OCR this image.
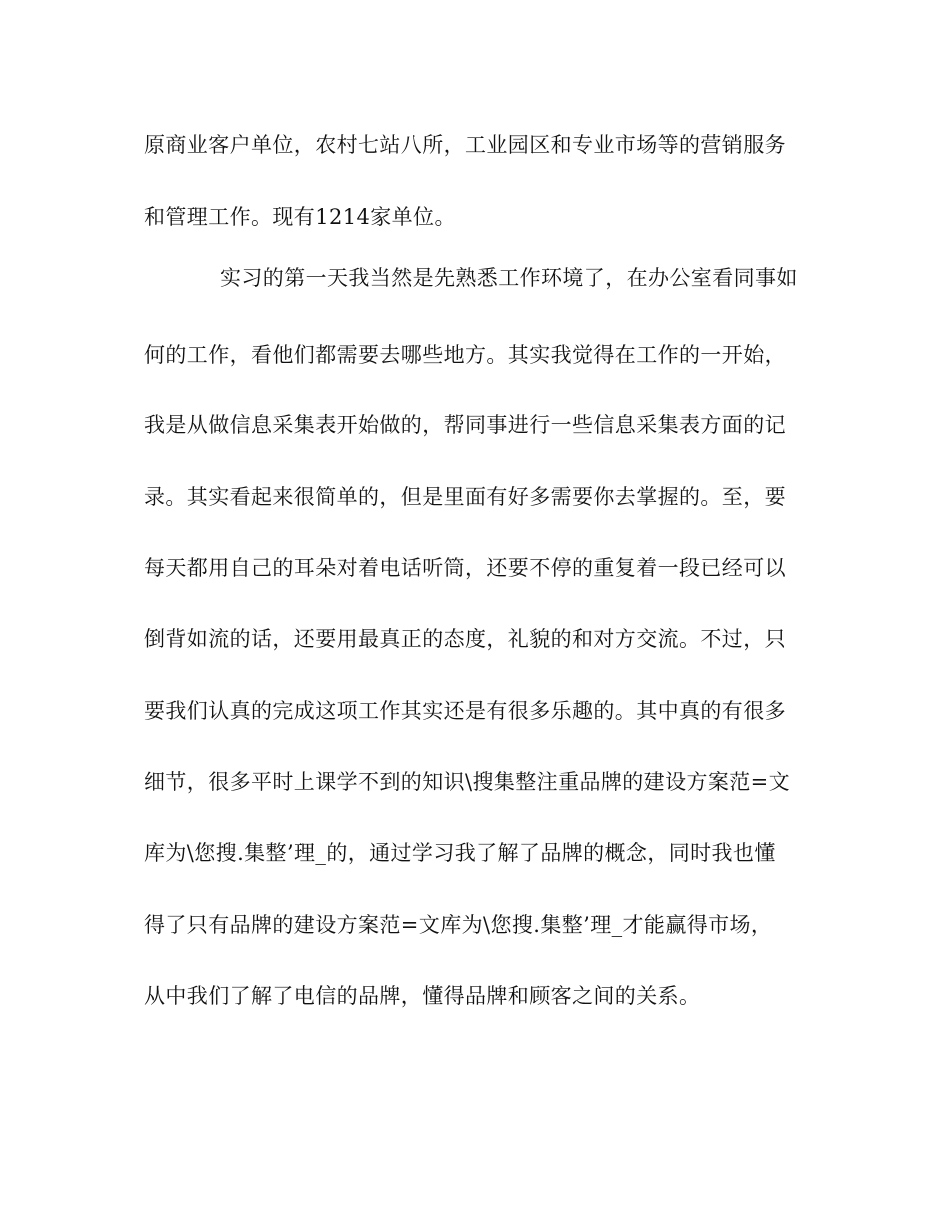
原商业客户单位，农村七站八所，工业园区和专业市场等的营销服务
和管理工作。现有1214家单位。
实习的第一天我当然是先熟悉工作环境了，在办公室看同事如
何的工作，看他们都需要去哪些地方。其实我觉得在工作的一开始，
我是从做信息采集表开始做的，帮同事进行一些信息采集表方面的记
录。其实看起来很简单的，但是里面有好多需要你去掌握的。至，要
每天都用自己的耳朵对着电话听筒，还要不停的重复着一段已经可以
倒背如流的话，还要用最真正的态度，礼貌的和对方交流。不过，只
要我们认真的完成这项工作其实还是有很多乐趣的。其中真的有很多
细节，很多平时上课学不到的知识\搜集整注重品牌的建设方案范=文
库为\您搜.集整’理_的，通过学习我了解了品牌的概念，同时我也懂
得了只有品牌的建设方案范=文库为\您搜.集整’理_才能赢得市场，
从中我们了解了电信的品牌，懂得品牌和顾客之间的关系。
